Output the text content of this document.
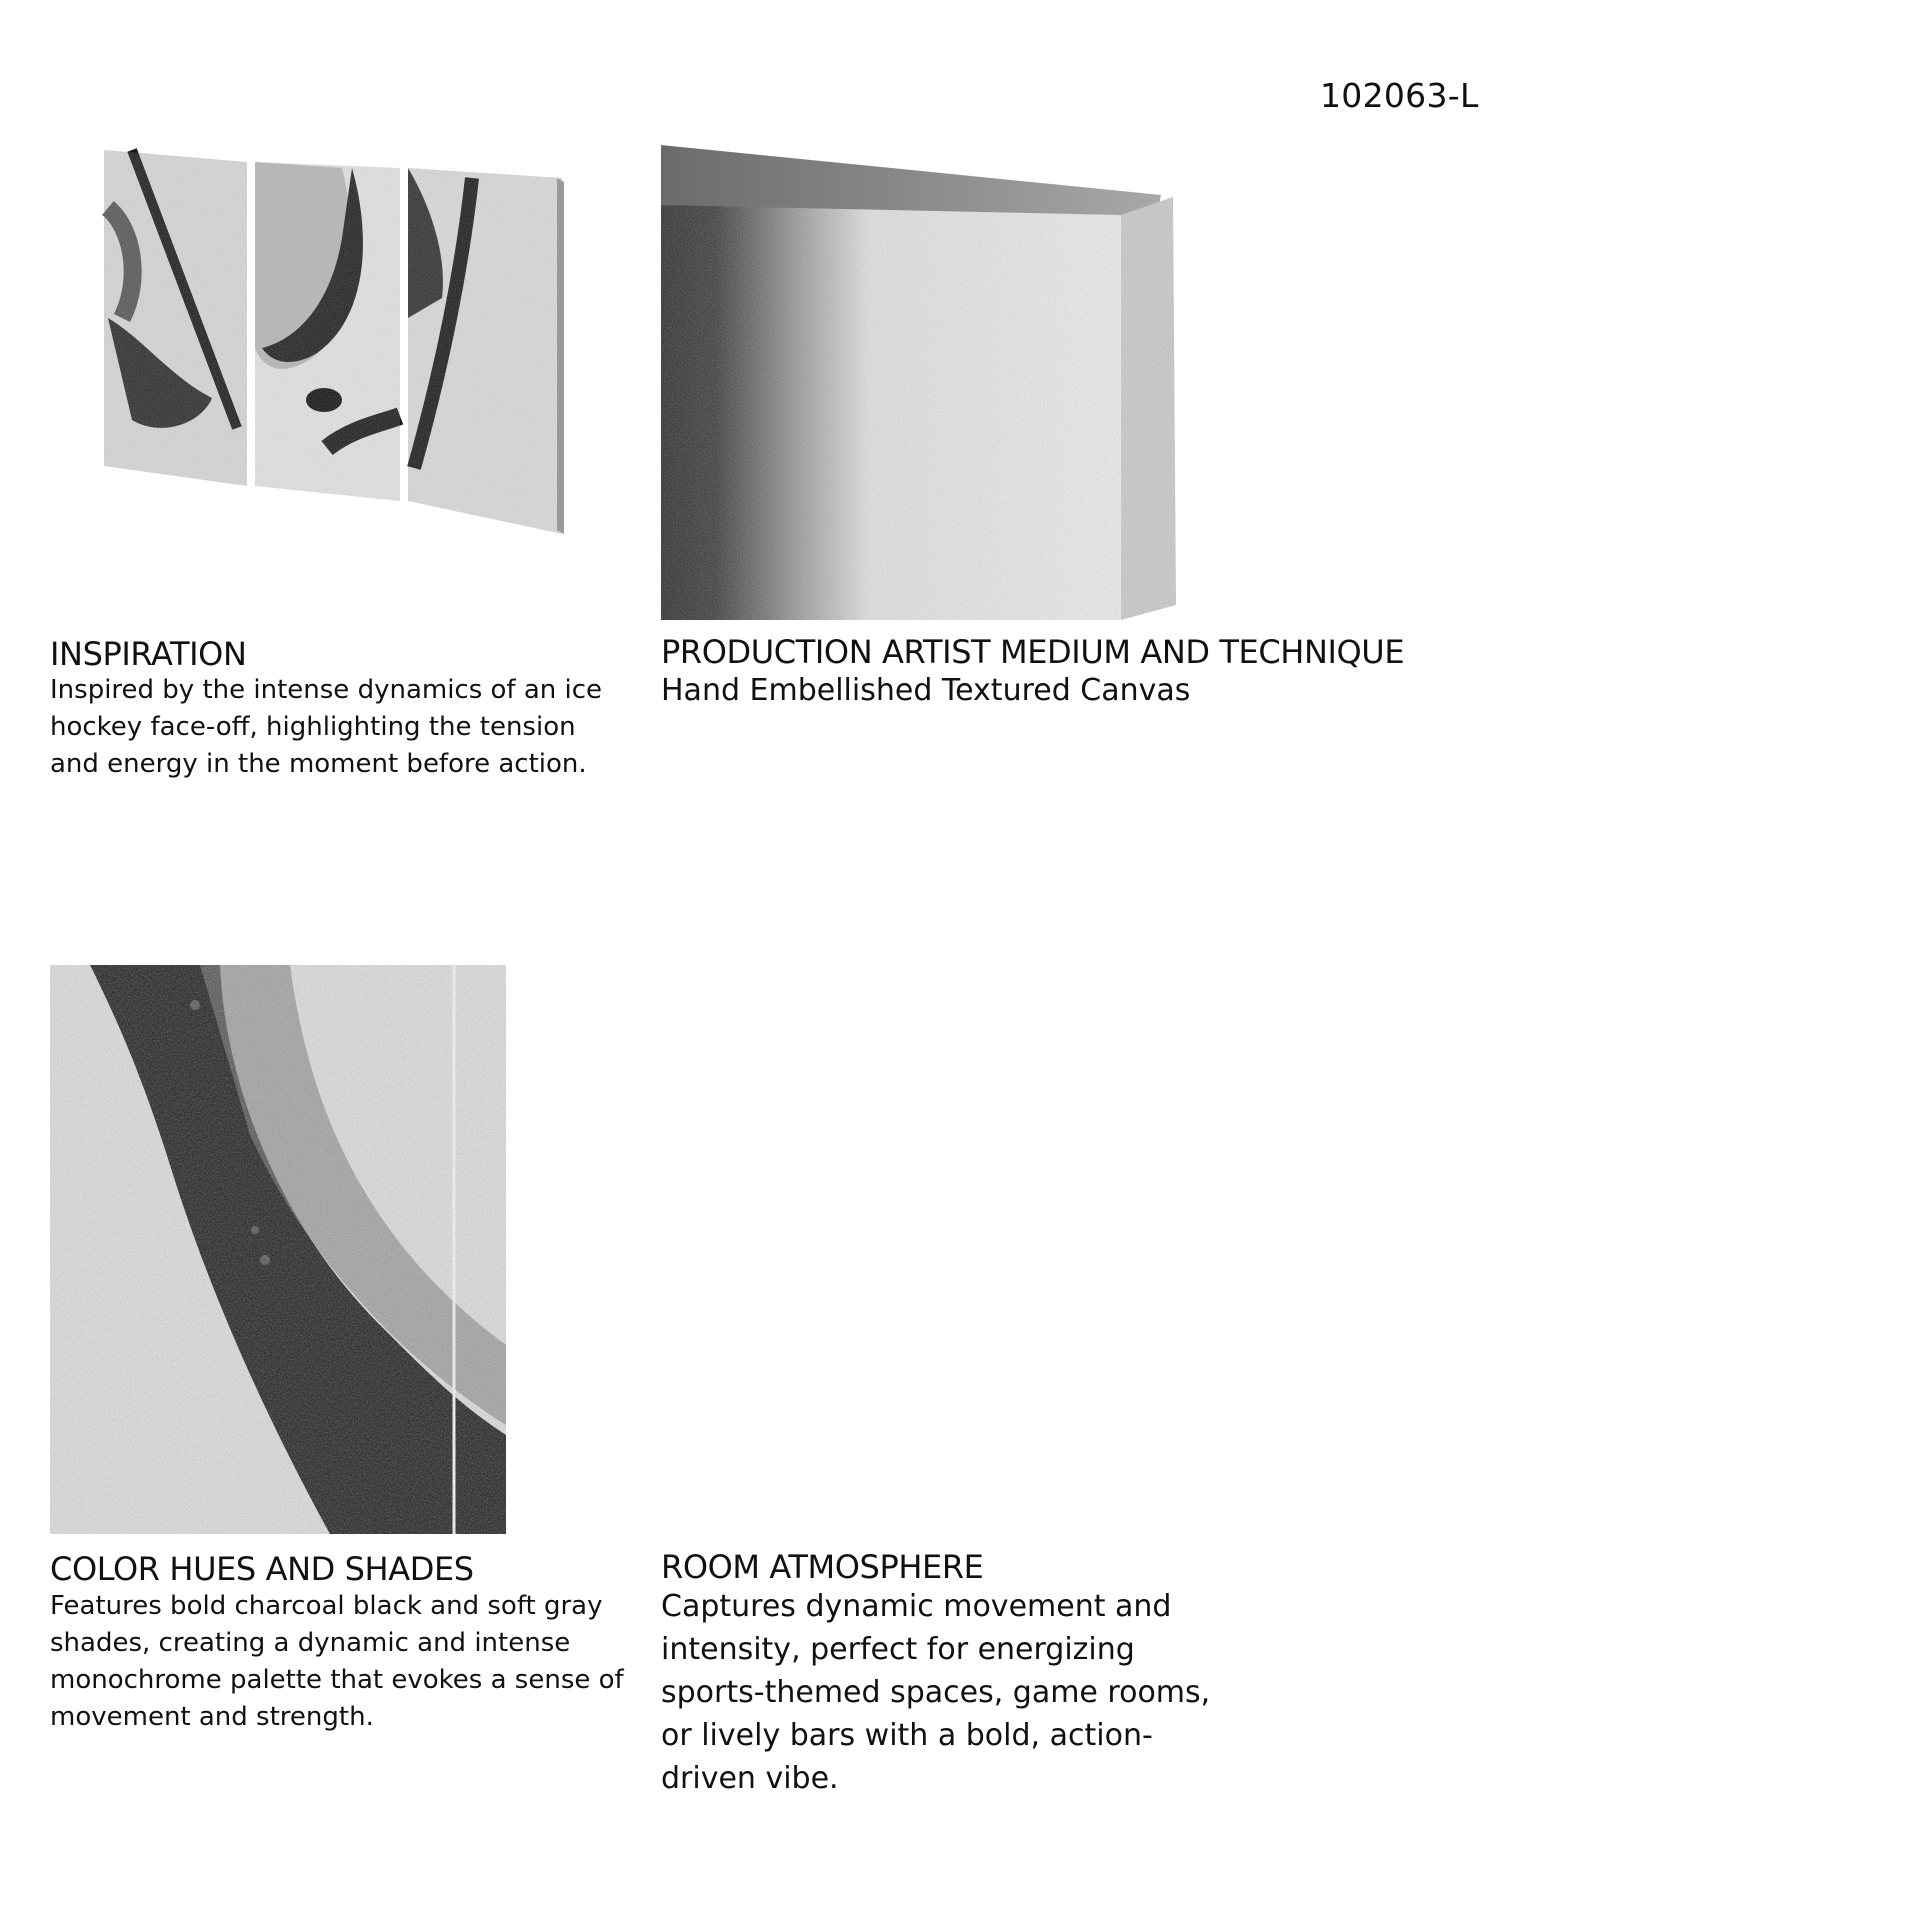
102063-L
INSPIRATION

Inspired by the intense dynamics of an ice hockey face-off, highlighting the tension and energy in the moment before action.

PRODUCTION ARTIST MEDIUM AND TECHNIQUE

Hand Embellished Textured Canvas

COLOR HUES AND SHADES

Features bold charcoal black and soft gray shades, creating a dynamic and intense monochrome palette that evokes a sense of movement and strength.

ROOM ATMOSPHERE

Captures dynamic movement and intensity, perfect for energizing sports-themed spaces, game rooms, or lively bars with a bold, action-driven vibe.
